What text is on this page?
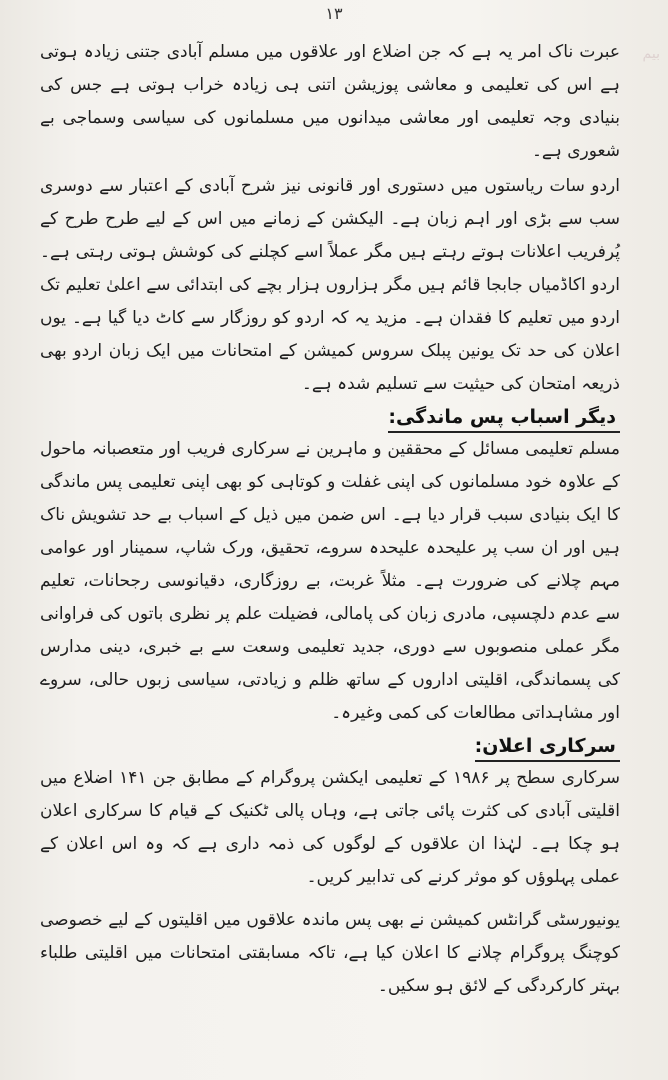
۱۳
بیم

عبرت ناک امر یہ ہے کہ جن اضلاع اور علاقوں میں مسلم آبادی جتنی زیادہ ہوتی ہے اس کی تعلیمی و معاشی پوزیشن اتنی ہی زیادہ خراب ہوتی ہے جس کی بنیادی وجہ تعلیمی اور معاشی میدانوں میں مسلمانوں کی سیاسی وسماجی بے شعوری ہے۔

اردو سات ریاستوں میں دستوری اور قانونی نیز شرح آبادی کے اعتبار سے دوسری سب سے بڑی اور اہم زبان ہے۔ الیکشن کے زمانے میں اس کے لیے طرح طرح کے پُرفریب اعلانات ہوتے رہتے ہیں مگر عملاً اسے کچلنے کی کوشش ہوتی رہتی ہے۔ اردو اکاڈمیاں جابجا قائم ہیں مگر ہزاروں ہزار بچے کی ابتدائی سے اعلیٰ تعلیم تک اردو میں تعلیم کا فقدان ہے۔ مزید یہ کہ اردو کو روزگار سے کاٹ دیا گیا ہے۔ یوں اعلان کی حد تک یونین پبلک سروس کمیشن کے امتحانات میں ایک زبان اردو بھی ذریعہ امتحان کی حیثیت سے تسلیم شدہ ہے۔

دیگر اسباب پس ماندگی:

مسلم تعلیمی مسائل کے محققین و ماہرین نے سرکاری فریب اور متعصبانہ ماحول کے علاوہ خود مسلمانوں کی اپنی غفلت و کوتاہی کو بھی اپنی تعلیمی پس ماندگی کا ایک بنیادی سبب قرار دیا ہے۔ اس ضمن میں ذیل کے اسباب بے حد تشویش ناک ہیں اور ان سب پر علیحدہ علیحدہ سروے، تحقیق، ورک شاپ، سمینار اور عوامی مہم چلانے کی ضرورت ہے۔ مثلاً غربت، بے روزگاری، دقیانوسی رجحانات، تعلیم سے عدم دلچسپی، مادری زبان کی پامالی، فضیلت علم پر نظری باتوں کی فراوانی مگر عملی منصوبوں سے دوری، جدید تعلیمی وسعت سے بے خبری، دینی مدارس کی پسماندگی، اقلیتی اداروں کے ساتھ ظلم و زیادتی، سیاسی زبوں حالی، سروے اور مشاہداتی مطالعات کی کمی وغیرہ۔

سرکاری اعلان:

سرکاری سطح پر ۱۹۸۶ کے تعلیمی ایکشن پروگرام کے مطابق جن ۱۴۱ اضلاع میں اقلیتی آبادی کی کثرت پائی جاتی ہے، وہاں پالی ٹکنیک کے قیام کا سرکاری اعلان ہو چکا ہے۔ لہٰذا ان علاقوں کے لوگوں کی ذمہ داری ہے کہ وہ اس اعلان کے عملی پہلوؤں کو موثر کرنے کی تدابیر کریں۔

یونیورسٹی گرانٹس کمیشن نے بھی پس ماندہ علاقوں میں اقلیتوں کے لیے خصوصی کوچنگ پروگرام چلانے کا اعلان کیا ہے، تاکہ مسابقتی امتحانات میں اقلیتی طلباء بہتر کارکردگی کے لائق ہو سکیں۔
